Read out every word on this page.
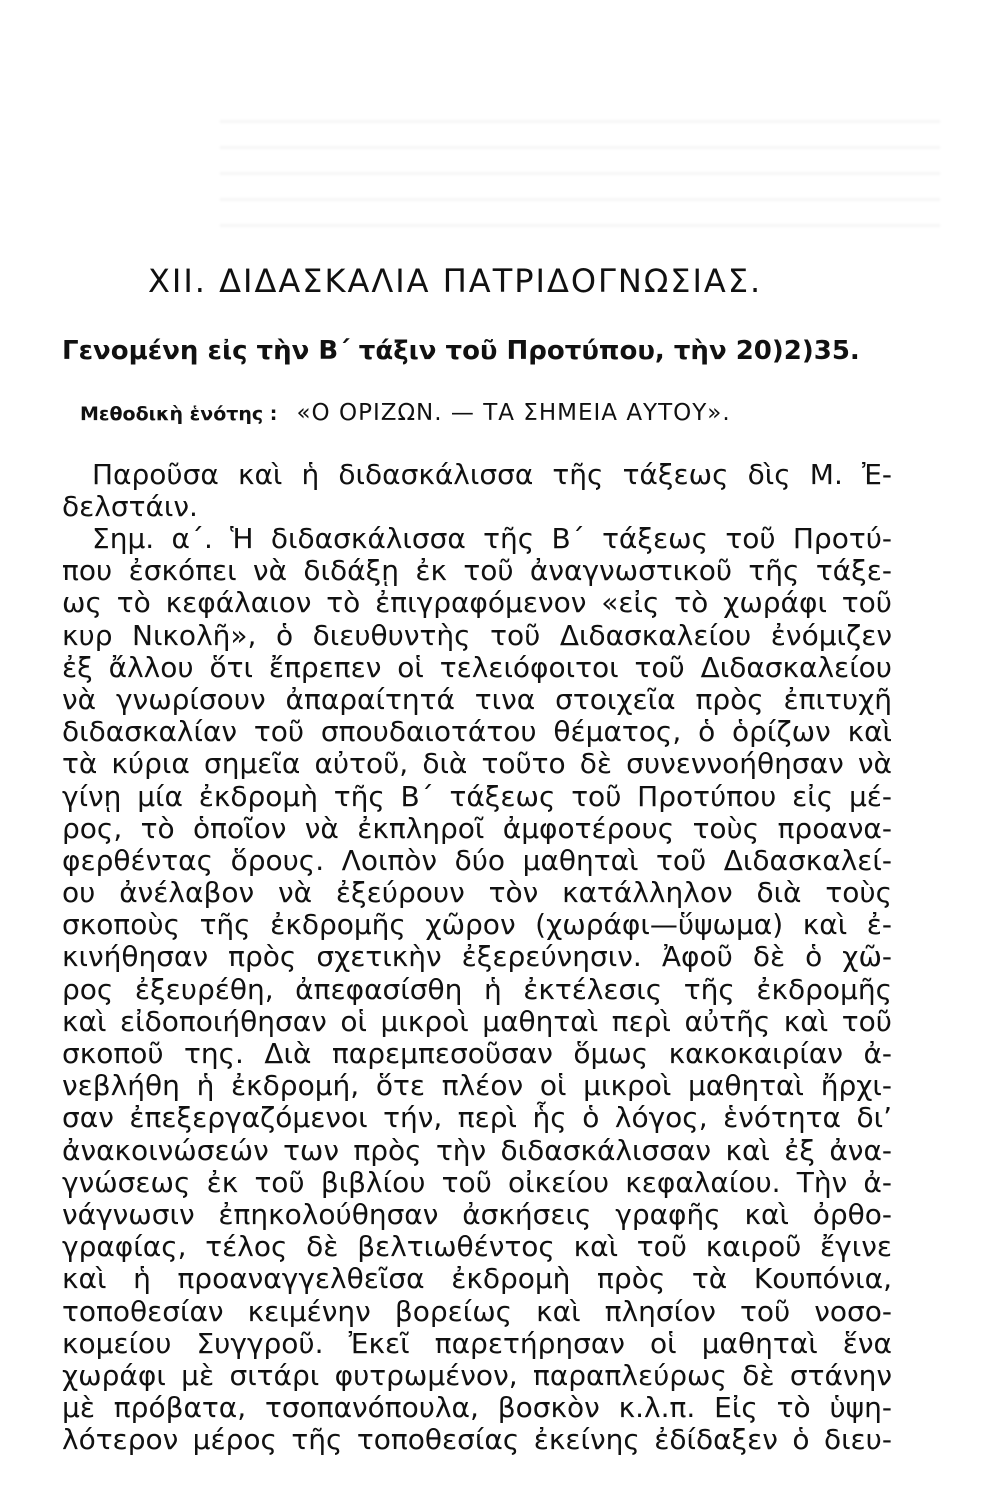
XII. ΔΙΔΑΣΚΑΛΙΑ ΠΑΤΡΙΔΟΓΝΩΣΙΑΣ.
Γενομένη εἰς τὴν Β΄ τάξιν τοῦ Προτύπου, τὴν 20)2)35.
Μεθοδικὴ ἑνότης : «Ο ΟΡΙΖΩΝ. — ΤΑ ΣΗΜΕΙΑ ΑΥΤΟΥ».
Παροῦσα καὶ ἡ διδασκάλισσα τῆς τάξεως δὶς Μ. Ἐ-
δελστάιν.
Σημ. α΄. Ἡ διδασκάλισσα τῆς Β΄ τάξεως τοῦ Προτύ-
που ἐσκόπει νὰ διδάξῃ ἐκ τοῦ ἀναγνωστικοῦ τῆς τάξε-
ως τὸ κεφάλαιον τὸ ἐπιγραφόμενον «εἰς τὸ χωράφι τοῦ
κυρ Νικολῆ», ὁ διευθυντὴς τοῦ Διδασκαλείου ἐνόμιζεν
ἐξ ἄλλου ὅτι ἔπρεπεν οἱ τελειόφοιτοι τοῦ Διδασκαλείου
νὰ γνωρίσουν ἀπαραίτητά τινα στοιχεῖα πρὸς ἐπιτυχῆ
διδασκαλίαν τοῦ σπουδαιοτάτου θέματος, ὁ ὁρίζων καὶ
τὰ κύρια σημεῖα αὐτοῦ, διὰ τοῦτο δὲ συνεννοήθησαν νὰ
γίνῃ μία ἐκδρομὴ τῆς Β΄ τάξεως τοῦ Προτύπου εἰς μέ-
ρος, τὸ ὁποῖον νὰ ἐκπληροῖ ἀμφοτέρους τοὺς προανα-
φερθέντας ὅρους. Λοιπὸν δύο μαθηταὶ τοῦ Διδασκαλεί-
ου ἀνέλαβον νὰ ἐξεύρουν τὸν κατάλληλον διὰ τοὺς
σκοποὺς τῆς ἐκδρομῆς χῶρον (χωράφι—ὕψωμα) καὶ ἐ-
κινήθησαν πρὸς σχετικὴν ἐξερεύνησιν. Ἀφοῦ δὲ ὁ χῶ-
ρος ἐξευρέθη, ἀπεφασίσθη ἡ ἐκτέλεσις τῆς ἐκδρομῆς
καὶ εἰδοποιήθησαν οἱ μικροὶ μαθηταὶ περὶ αὐτῆς καὶ τοῦ
σκοποῦ της. Διὰ παρεμπεσοῦσαν ὅμως κακοκαιρίαν ἀ-
νεβλήθη ἡ ἐκδρομή, ὅτε πλέον οἱ μικροὶ μαθηταὶ ἤρχι-
σαν ἐπεξεργαζόμενοι τήν, περὶ ἧς ὁ λόγος, ἑνότητα δι’
ἀνακοινώσεών των πρὸς τὴν διδασκάλισσαν καὶ ἐξ ἀνα-
γνώσεως ἐκ τοῦ βιβλίου τοῦ οἰκείου κεφαλαίου. Τὴν ἀ-
νάγνωσιν ἐπηκολούθησαν ἀσκήσεις γραφῆς καὶ ὀρθο-
γραφίας, τέλος δὲ βελτιωθέντος καὶ τοῦ καιροῦ ἔγινε
καὶ ἡ προαναγγελθεῖσα ἐκδρομὴ πρὸς τὰ Κουπόνια,
τοποθεσίαν κειμένην βορείως καὶ πλησίον τοῦ νοσο-
κομείου Συγγροῦ. Ἐκεῖ παρετήρησαν οἱ μαθηταὶ ἕνα
χωράφι μὲ σιτάρι φυτρωμένον, παραπλεύρως δὲ στάνην
μὲ πρόβατα, τσοπανόπουλα, βοσκὸν κ.λ.π. Εἰς τὸ ὑψη-
λότερον μέρος τῆς τοποθεσίας ἐκείνης ἐδίδαξεν ὁ διευ-
